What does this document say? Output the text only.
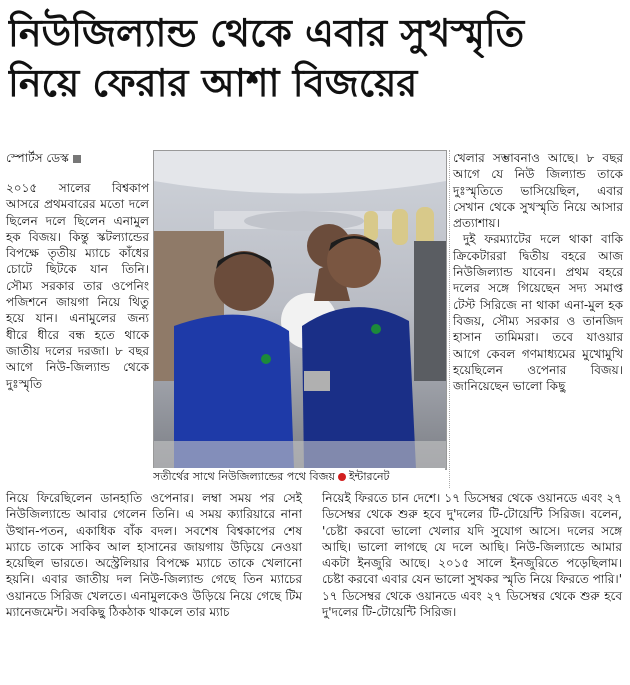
নিউজিল্যান্ড থেকে এবার সুখস্মৃতি
নিয়ে ফেরার আশা বিজয়ের
স্পোর্টস ডেস্ক

২০১৫ সালের বিশ্বকাপ আসরে প্রথমবারের মতো দলে ছিলেন দলে ছিলেন এনামুল হক বিজয়। কিন্তু স্কটল্যান্ডের বিপক্ষে তৃতীয় ম্যাচে কাঁধের চোটে ছিটকে যান তিনি। সৌম্য সরকার তার ওপেনিং পজিশনে জায়গা নিয়ে থিতু হয়ে যান। এনামুলের জন্য ধীরে ধীরে বন্ধ হতে থাকে জাতীয় দলের দরজা। ৮ বছর আগে নিউ-জিল্যান্ড থেকে দুঃস্মৃতি

সতীর্থের সাথে নিউজিল্যান্ডের পথে বিজয় ইন্টারনেট

খেলার সম্ভাবনাও আছে। ৮ বছর আগে যে নিউ জিল্যান্ড তাকে দুঃস্মৃতিতে ভাসিয়েছিল, এবার সেখান থেকে সুখস্মৃতি নিয়ে আসার প্রত্যাশায়।

দুই ফরম্যাটের দলে থাকা বাকি ক্রিকেটাররা দ্বিতীয় বহরে আজ নিউজিল্যান্ড যাবেন। প্রথম বহরে দলের সঙ্গে গিয়েছেন সদ্য সমাপ্ত টেস্ট সিরিজে না থাকা এনা-মুল হক বিজয়, সৌম্য সরকার ও তানজিদ হাসান তামিমরা। তবে যাওয়ার আগে কেবল গণমাধ্যমের মুখোমুখি হয়েছিলেন ওপেনার বিজয়। জানিয়েছেন ভালো কিছু

নিয়ে ফিরেছিলেন ডানহাতি ওপেনার। লম্বা সময় পর সেই নিউজিল্যান্ডে আবার গেলেন তিনি। এ সময় ক্যারিয়ারে নানা উত্থান-পতন, একাধিক বাঁক বদল। সবশেষ বিশ্বকাপের শেষ ম্যাচে তাকে সাকিব আল হাসানের জায়গায় উড়িয়ে নেওয়া হয়েছিল ভারতে। অস্ট্রেলিয়ার বিপক্ষে ম্যাচে তাকে খেলানো হয়নি। এবার জাতীয় দল নিউ-জিল্যান্ড গেছে তিন ম্যাচের ওয়ানডে সিরিজ খেলতে। এনামুলকেও উড়িয়ে নিয়ে গেছে টিম ম্যানেজমেন্ট। সবকিছু ঠিকঠাক থাকলে তার ম্যাচ

নিয়েই ফিরতে চান দেশে। ১৭ ডিসেম্বর থেকে ওয়ানডে এবং ২৭ ডিসেম্বর থেকে শুরু হবে দু'দলের টি-টোয়েন্টি সিরিজ। বলেন, 'চেষ্টা করবো ভালো খেলার যদি সুযোগ আসে। দলের সঙ্গে আছি। ভালো লাগছে যে দলে আছি। নিউ-জিল্যান্ডে আমার একটা ইনজুরি আছে। ২০১৫ সালে ইনজুরিতে পড়েছিলাম। চেষ্টা করবো এবার যেন ভালো সুখকর স্মৃতি নিয়ে ফিরতে পারি।' ১৭ ডিসেম্বর থেকে ওয়ানডে এবং ২৭ ডিসেম্বর থেকে শুরু হবে দু'দলের টি-টোয়েন্টি সিরিজ।
